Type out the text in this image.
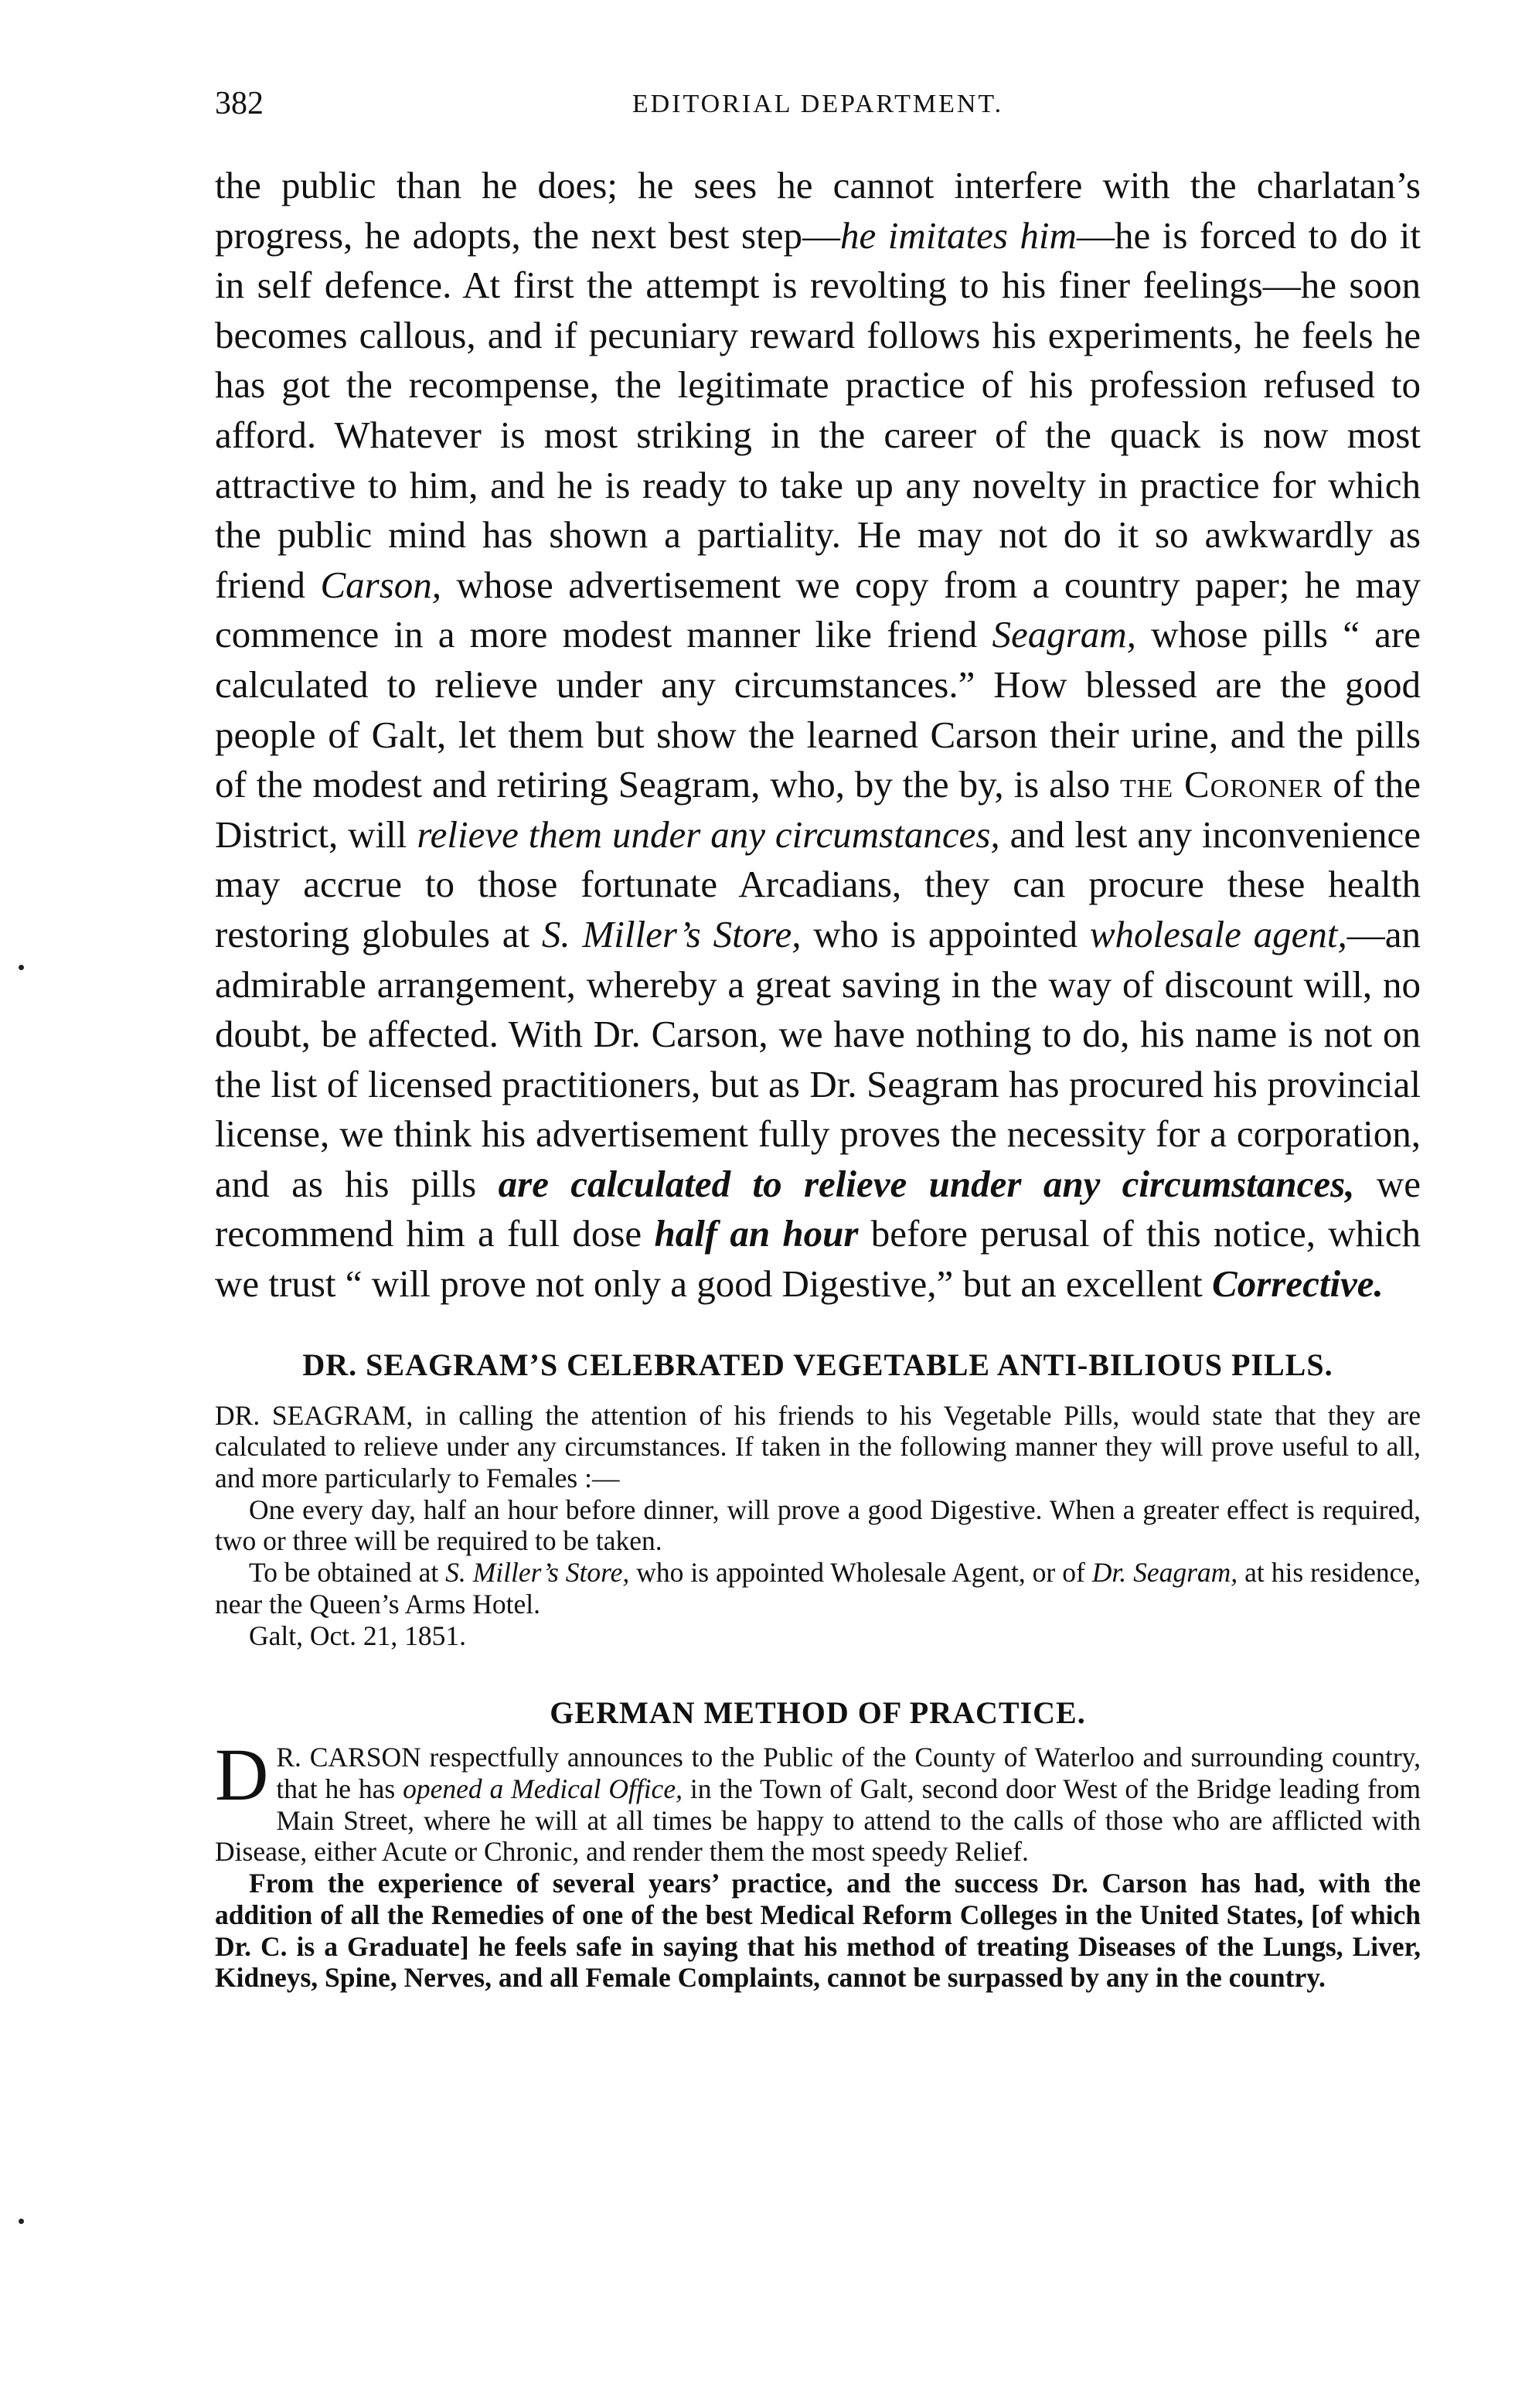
382	EDITORIAL DEPARTMENT.

the public than he does; he sees he cannot interfere with the charlatan’s progress, he adopts, the next best step—he imitates him—he is forced to do it in self defence. At first the attempt is revolting to his finer feelings—he soon becomes callous, and if pecuniary reward follows his experiments, he feels he has got the recompense, the legitimate practice of his profession refused to afford. Whatever is most striking in the career of the quack is now most attractive to him, and he is ready to take up any novelty in practice for which the public mind has shown a partiality. He may not do it so awkwardly as friend Carson, whose advertisement we copy from a country paper; he may commence in a more modest manner like friend Seagram, whose pills “ are calculated to relieve under any circumstances.” How blessed are the good people of Galt, let them but show the learned Carson their urine, and the pills of the modest and retiring Seagram, who, by the by, is also the Coroner of the District, will relieve them under any circumstances, and lest any inconvenience may accrue to those fortunate Arcadians, they can procure these health restoring globules at S. Miller’s Store, who is appointed wholesale agent,—an admirable arrangement, whereby a great saving in the way of discount will, no doubt, be affected. With Dr. Carson, we have nothing to do, his name is not on the list of licensed practitioners, but as Dr. Seagram has procured his provincial license, we think his advertisement fully proves the necessity for a corporation, and as his pills are calculated to relieve under any circumstances, we recommend him a full dose half an hour before perusal of this notice, which we trust “ will prove not only a good Digestive,” but an excellent Corrective.

DR. SEAGRAM’S CELEBRATED VEGETABLE ANTI-BILIOUS PILLS.

DR. SEAGRAM, in calling the attention of his friends to his Vegetable Pills, would state that they are calculated to relieve under any circumstances. If taken in the following manner they will prove useful to all, and more particularly to Females :—

One every day, half an hour before dinner, will prove a good Digestive. When a greater effect is required, two or three will be required to be taken.

To be obtained at S. Miller’s Store, who is appointed Wholesale Agent, or of Dr. Seagram, at his residence, near the Queen’s Arms Hotel.

Galt, Oct. 21, 1851.

GERMAN METHOD OF PRACTICE.

D R. CARSON respectfully announces to the Public of the County of Waterloo and surrounding country, that he has opened a Medical Office, in the Town of Galt, second door West of the Bridge leading from Main Street, where he will at all times be happy to attend to the calls of those who are afflicted with Disease, either Acute or Chronic, and render them the most speedy Relief.

From the experience of several years’ practice, and the success Dr. Carson has had, with the addition of all the Remedies of one of the best Medical Reform Colleges in the United States, [of which Dr. C. is a Graduate] he feels safe in saying that his method of treating Diseases of the Lungs, Liver, Kidneys, Spine, Nerves, and all Female Complaints, cannot be surpassed by any in the country.
